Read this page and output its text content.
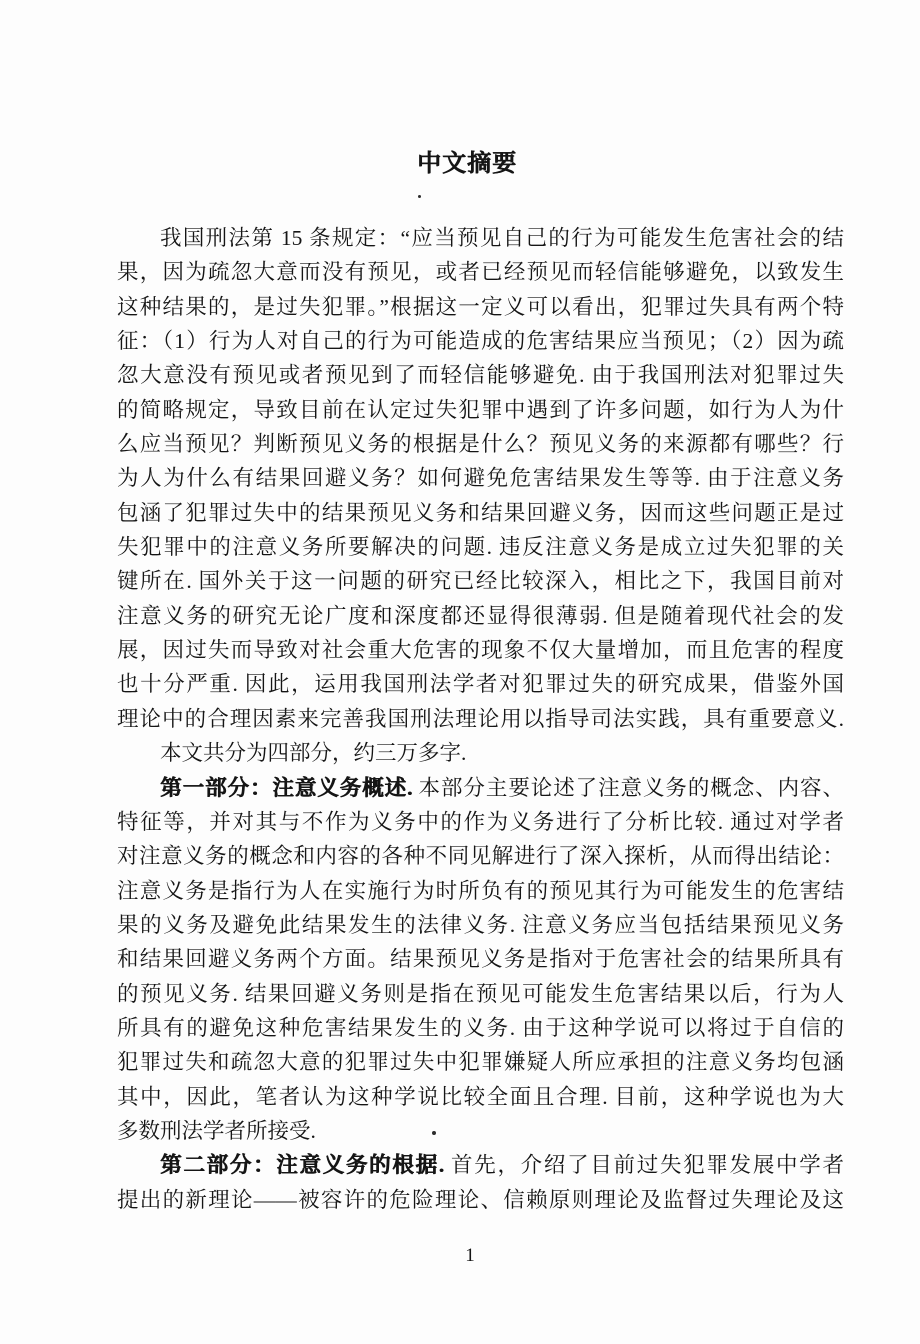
中文摘要
我国刑法第 15 条规定：“应当预见自己的行为可能发生危害社会的结
果，因为疏忽大意而没有预见，或者已经预见而轻信能够避免，以致发生
这种结果的，是过失犯罪。”根据这一定义可以看出，犯罪过失具有两个特
征：（1）行为人对自己的行为可能造成的危害结果应当预见；（2）因为疏
忽大意没有预见或者预见到了而轻信能够避免. 由于我国刑法对犯罪过失
的简略规定，导致目前在认定过失犯罪中遇到了许多问题，如行为人为什
么应当预见？判断预见义务的根据是什么？预见义务的来源都有哪些？行
为人为什么有结果回避义务？如何避免危害结果发生等等. 由于注意义务
包涵了犯罪过失中的结果预见义务和结果回避义务，因而这些问题正是过
失犯罪中的注意义务所要解决的问题. 违反注意义务是成立过失犯罪的关
键所在. 国外关于这一问题的研究已经比较深入，相比之下，我国目前对
注意义务的研究无论广度和深度都还显得很薄弱. 但是随着现代社会的发
展，因过失而导致对社会重大危害的现象不仅大量增加，而且危害的程度
也十分严重. 因此，运用我国刑法学者对犯罪过失的研究成果，借鉴外国
理论中的合理因素来完善我国刑法理论用以指导司法实践，具有重要意义.
本文共分为四部分，约三万多字.
第一部分：注意义务概述. 本部分主要论述了注意义务的概念、内容、
特征等，并对其与不作为义务中的作为义务进行了分析比较. 通过对学者
对注意义务的概念和内容的各种不同见解进行了深入探析，从而得出结论：
注意义务是指行为人在实施行为时所负有的预见其行为可能发生的危害结
果的义务及避免此结果发生的法律义务. 注意义务应当包括结果预见义务
和结果回避义务两个方面。结果预见义务是指对于危害社会的结果所具有
的预见义务. 结果回避义务则是指在预见可能发生危害结果以后，行为人
所具有的避免这种危害结果发生的义务. 由于这种学说可以将过于自信的
犯罪过失和疏忽大意的犯罪过失中犯罪嫌疑人所应承担的注意义务均包涵
其中，因此，笔者认为这种学说比较全面且合理. 目前，这种学说也为大
多数刑法学者所接受.
第二部分：注意义务的根据. 首先，介绍了目前过失犯罪发展中学者
提出的新理论——被容许的危险理论、信赖原则理论及监督过失理论及这
1
